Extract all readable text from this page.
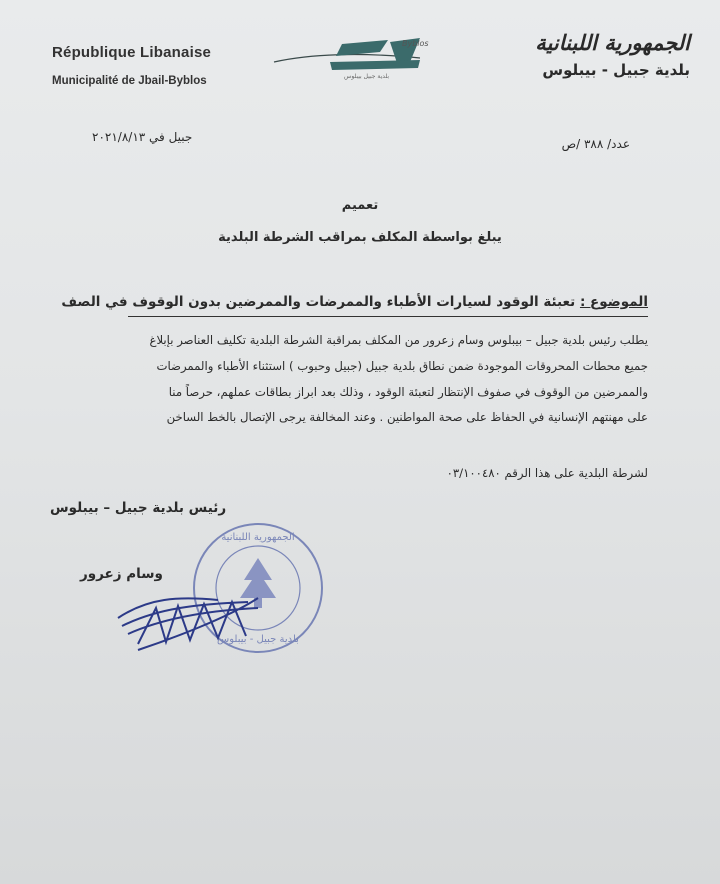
République Libanaise
Municipalité de Jbail-Byblos
Byblos
بلدية جبيل بيبلوس
جبيل
الجمهورية اللبنانية
بلدية جبيل - بيبلوس
عدد/ ٣٨٨ /ص
جبيل في ٢٠٢١/٨/١٣
تعميم
يبلغ بواسطة المكلف بمراقب الشرطة البلدية
الموضوع : تعبئة الوقود لسيارات الأطباء والممرضات والممرضين بدون الوقوف في الصف
يطلب رئيس بلدية جبيل – بيبلوس وسام زعرور من المكلف بمراقبة الشرطة البلدية تكليف العناصر بإبلاغ
جميع محطات المحروقات الموجودة ضمن نطاق بلدية جبيل (جبيل وحبوب ) استثناء الأطباء والممرضات
والممرضين من الوقوف في صفوف الإنتظار لتعبئة الوقود ، وذلك بعد ابراز بطاقات عملهم، حرصاً منا
على مهنتهم الإنسانية في الحفاظ على صحة المواطنين . وعند المخالفة يرجى الإتصال بالخط الساخن
لشرطة البلدية على هذا الرقم ٠٣/١٠٠٤٨٠
رئيس بلدية جبيل – بيبلوس
الجمهورية اللبنانية
بلدية جبيل - بيبلوس
وسام زعرور
